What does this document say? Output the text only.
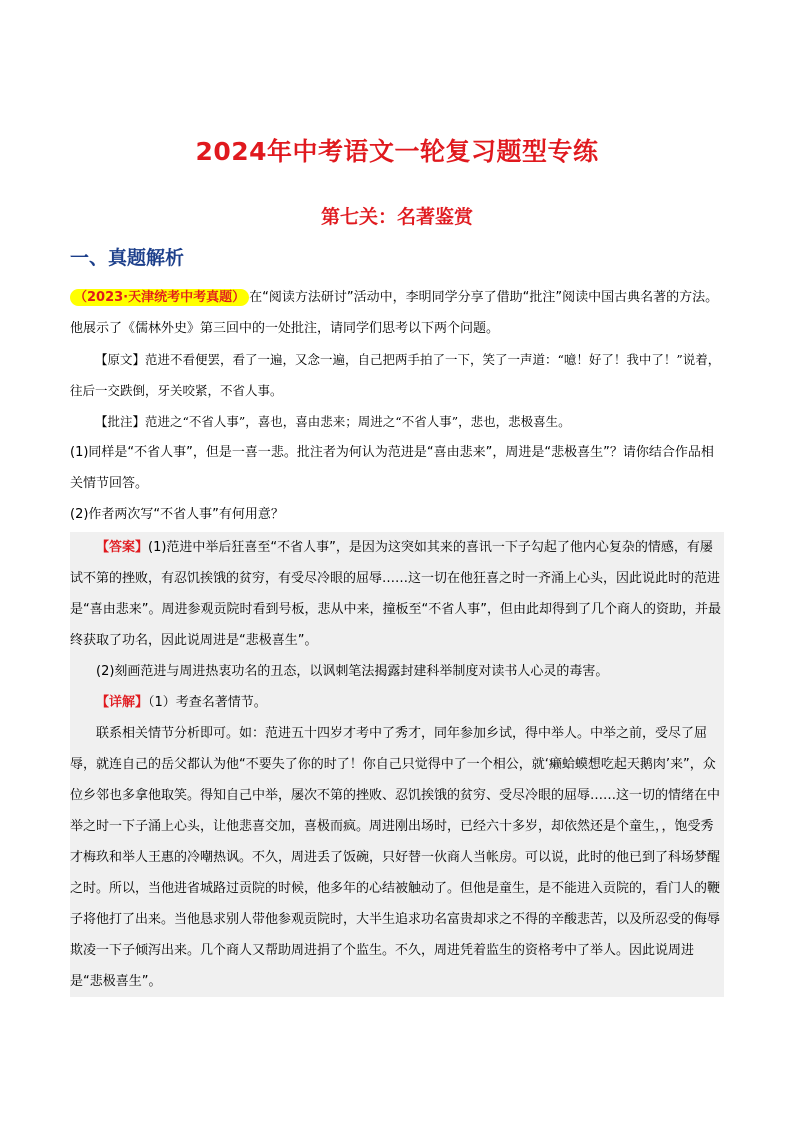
2024年中考语文一轮复习题型专练
第七关：名著鉴赏
一、真题解析

（2023·天津统考中考真题） 在“阅读方法研讨”活动中，李明同学分享了借助“批注”阅读中国古典名著的方法。他展示了《儒林外史》第三回中的一处批注，请同学们思考以下两个问题。

【原文】范进不看便罢，看了一遍，又念一遍，自己把两手拍了一下，笑了一声道：“噫！好了！我中了！”说着，往后一交跌倒，牙关咬紧，不省人事。

【批注】范进之“不省人事”，喜也，喜由悲来；周进之“不省人事”，悲也，悲极喜生。

(1)同样是“不省人事”，但是一喜一悲。批注者为何认为范进是“喜由悲来”，周进是“悲极喜生”？请你结合作品相关情节回答。

(2)作者两次写“不省人事”有何用意？

【答案】(1)范进中举后狂喜至“不省人事”，是因为这突如其来的喜讯一下子勾起了他内心复杂的情感，有屡试不第的挫败，有忍饥挨饿的贫穷，有受尽冷眼的屈辱……这一切在他狂喜之时一齐涌上心头，因此说此时的范进是“喜由悲来”。周进参观贡院时看到号板，悲从中来，撞板至“不省人事”，但由此却得到了几个商人的资助，并最终获取了功名，因此说周进是“悲极喜生”。

(2)刻画范进与周进热衷功名的丑态，以讽刺笔法揭露封建科举制度对读书人心灵的毒害。

【详解】（1）考查名著情节。

联系相关情节分析即可。如：范进五十四岁才考中了秀才，同年参加乡试，得中举人。中举之前，受尽了屈辱，就连自己的岳父都认为他“不要失了你的时了！你自己只觉得中了一个相公，就‘癞蛤蟆想吃起天鹅肉’来”，众位乡邻也多拿他取笑。得知自己中举，屡次不第的挫败、忍饥挨饿的贫穷、受尽冷眼的屈辱……这一切的情绪在中举之时一下子涌上心头，让他悲喜交加，喜极而疯。周进刚出场时，已经六十多岁，却依然还是个童生，，饱受秀才梅玖和举人王惠的冷嘲热讽。不久，周进丢了饭碗，只好替一伙商人当帐房。可以说，此时的他已到了科场梦醒之时。所以，当他进省城路过贡院的时候，他多年的心结被触动了。但他是童生，是不能进入贡院的，看门人的鞭子将他打了出来。当他恳求别人带他参观贡院时，大半生追求功名富贵却求之不得的辛酸悲苦，以及所忍受的侮辱欺凌一下子倾泻出来。几个商人又帮助周进捐了个监生。不久，周进凭着监生的资格考中了举人。因此说周进是“悲极喜生”。
